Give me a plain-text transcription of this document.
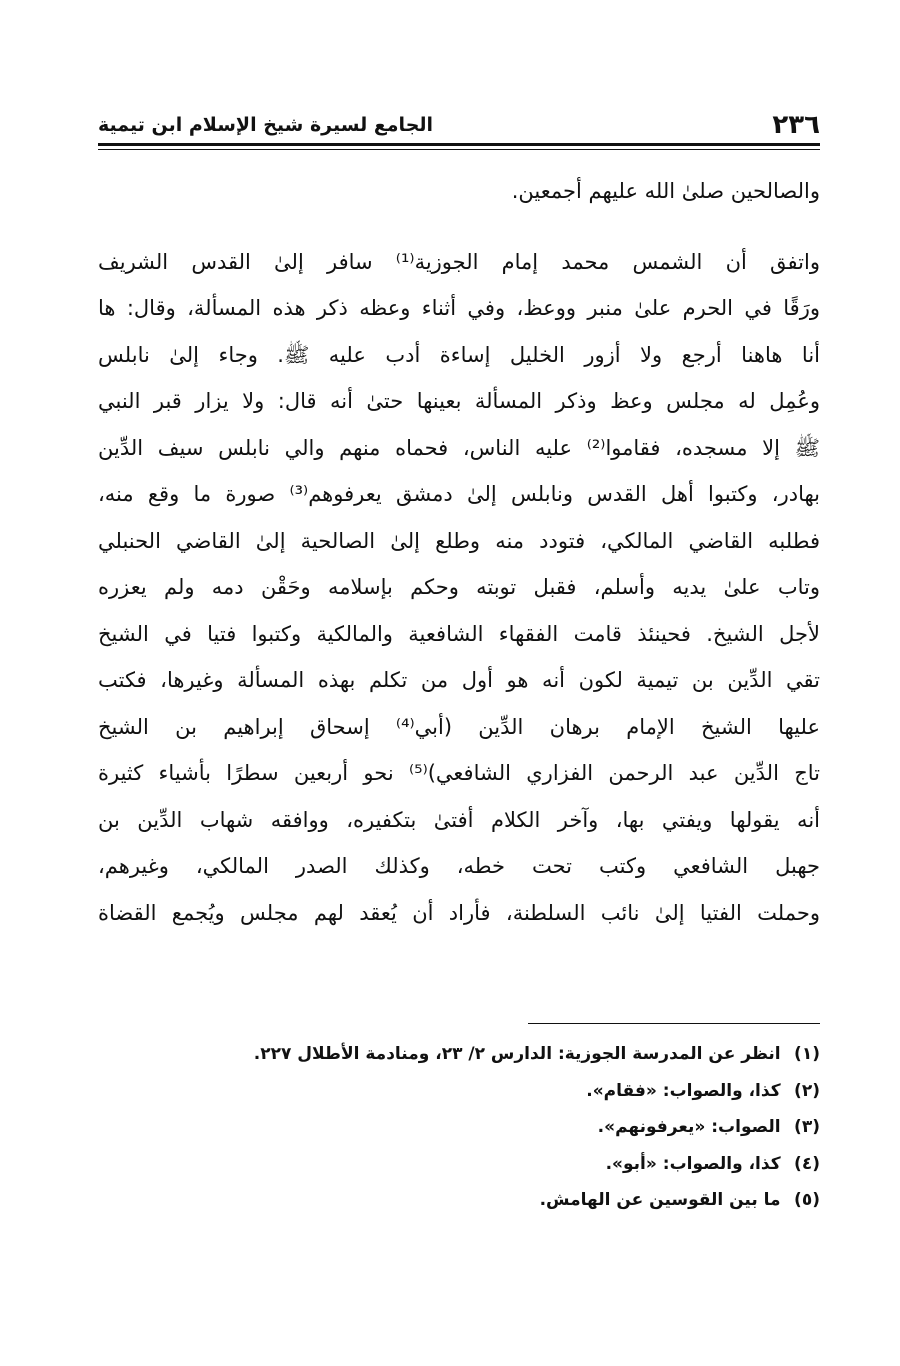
٢٣٦
الجامع لسيرة شيخ الإسلام ابن تيمية
والصالحين صلىٰ الله عليهم أجمعين.
واتفق أن الشمس محمد إمام الجوزية⁽¹⁾ سافر إلىٰ القدس الشريف
ورَقًا في الحرم علىٰ منبر ووعظ، وفي أثناء وعظه ذكر هذه المسألة، وقال: ها
أنا هاهنا أرجع ولا أزور الخليل إساءة أدب عليه ﷺ. وجاء إلىٰ نابلس
وعُمِل له مجلس وعظ وذكر المسألة بعينها حتىٰ أنه قال: ولا يزار قبر النبي
ﷺ إلا مسجده، فقاموا⁽²⁾ عليه الناس، فحماه منهم والي نابلس سيف الدِّين
بهادر، وكتبوا أهل القدس ونابلس إلىٰ دمشق يعرفوهم⁽³⁾ صورة ما وقع منه،
فطلبه القاضي المالكي، فتودد منه وطلع إلىٰ الصالحية إلىٰ القاضي الحنبلي
وتاب علىٰ يديه وأسلم، فقبل توبته وحكم بإسلامه وحَقْن دمه ولم يعزره
لأجل الشيخ. فحينئذ قامت الفقهاء الشافعية والمالكية وكتبوا فتيا في الشيخ
تقي الدِّين بن تيمية لكون أنه هو أول من تكلم بهذه المسألة وغيرها، فكتب
عليها الشيخ الإمام برهان الدِّين (أبي⁽⁴⁾ إسحاق إبراهيم بن الشيخ
تاج الدِّين عبد الرحمن الفزاري الشافعي)⁽⁵⁾ نحو أربعين سطرًا بأشياء كثيرة
أنه يقولها ويفتي بها، وآخر الكلام أفتىٰ بتكفيره، ووافقه شهاب الدِّين بن
جهبل الشافعي وكتب تحت خطه، وكذلك الصدر المالكي، وغيرهم،
وحملت الفتيا إلىٰ نائب السلطنة، فأراد أن يُعقد لهم مجلس ويُجمع القضاة
(١) انظر عن المدرسة الجوزية: الدارس ٢/ ٢٣، ومنادمة الأطلال ٢٢٧.
(٢) كذا، والصواب: «فقام».
(٣) الصواب: «يعرفونهم».
(٤) كذا، والصواب: «أبو».
(٥) ما بين القوسين عن الهامش.
